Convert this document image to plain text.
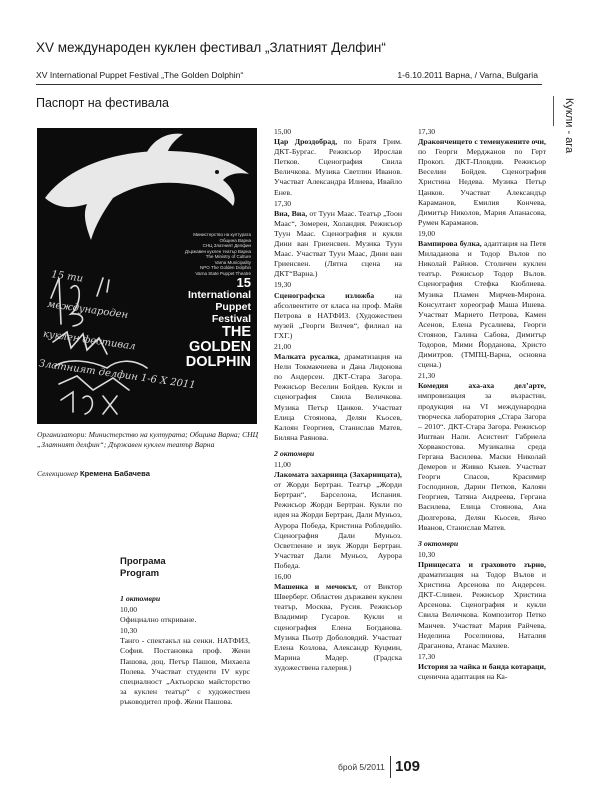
XV международен куклен фестивал „Златният Делфин“
XV International Puppet Festival „The Golden Dolphin“	1-6.10.2011 Варна, / Varna, Bulgaria
Паспорт на фестивала	Кукли - ara
15 тимеждународенкуклен фестивалЗлатният делфин 1-6 X 2011
Министерство на културата
Община Варна
СНЦ Златният Делфин
Държавен куклен театър Варна
The Ministry of Culture
Varna Municipality
NPO The Golden Dolphin
Varna State Puppet Theatre
15
International
Puppet
Festival
THE
GOLDEN
DOLPHIN
Организатори: Министерство на културата; Община Варна; СНЦ „Златният делфин“; Държавен куклен театър Варна
Селекционер Кремена Бабачева
Програма
Program
1 октомври
10,00
Официално откриване.
10,30
Танго - спектакъл на сенки. НАТФИЗ, София. Постановка проф. Жени Пашова, доц. Петър Пашов, Михаела Полева. Участват студенти IV курс специалност „Актьорско майсторство за куклен театър“ с художествен ръководител проф. Жени Пашова.
15,00
Цар Дроздобрад, по Братя Грим. ДКТ-Бургас. Режисьор Ирослав Петков. Сценография Свила Величкова. Музика Светлин Иванов. Участват Александра Илиева, Ивайло Енев.
17,30
Виа, Виа, от Туун Маас. Театър „Тоон Маас“, Зомерен, Холандия. Режисьор Туун Маас. Сценография и кукли Дини ван Гриенсвен. Музика Туун Маас. Участват Туун Маас, Дини ван Гриенсвен. (Лятна сцена на ДКТ“Варна.)
19,30
Сценографска изложба на абсолвентите от класа на проф. Майя Петрова в НАТФИЗ. (Художествен музей „Георги Велчев“, филиал на ГХГ.)
21,00
Малката русалка, драматизация на Нели Токмакчиева и Дана Лидонова по Андерсен. ДКТ-Стара Загора. Режисьор Веселин Бойдев. Кукли и сценография Свила Величкова. Музика Петър Цанков. Участват Елица Стоянова, Делян Къосев, Калоян Георгиев, Станислав Матев, Биляна Раянова.
2 октомври
11,00
Лакомата захарница (Захарницата), от Жорди Бертран. Театър „Жорди Бертран“, Барселона, Испания. Режисьор Жорди Бертран. Кукли по идея на Жорди Бертран, Дали Муньоз, Аурора Победа, Кристина Робледийо. Сценография Дали Муньоз. Осветление и звук Жорди Бертран. Участват Дали Муньоз, Аурора Победа.
16,00
Машенка и мечокът, от Виктор Шверберг. Областен държавен куклен театър, Москва, Русия. Режисьор Владимир Гусаров. Кукли и сценография Елена Богданова. Музика Пьотр Доболовдий. Участват Елена Козлова, Александр Куцмин, Марина Мадер. (Градска художествена галерия.)
17,30
Драконченцето с теменужените очи, по Георги Мерджанов по Герт Прокоп. ДКТ-Пловдив. Режисьор Веселин Бойдев. Сценография Христина Недева. Музика Петър Цанков. Участват Александър Караманов, Емилия Кончева, Димитър Николов, Мария Апанасова, Румен Караманов.
19,00
Вампирова булка, адаптация на Петя Миладанова и Тодор Вълов по Николай Райнов. Столичен куклен театър. Режисьор Тодор Вълов. Сценография Стефка Кюблиева. Музика Пламен Мирчев-Мирона. Консултант хореограф Маша Ишева. Участват Марието Петрова, Камен Асенов, Елена Русалиева, Георги Стоянов, Галина Сабова, Димитър Тодоров, Мими Йорданова, Христо Димитров. (ТМПЦ-Варна, основна сцена.)
21,30
Комедия аха-аха дел’арте, импровизация за възрастни, продукция на VI международна творческа лаборатория „Стара Загора – 2010“. ДКТ-Стара Загора. Режисьор Иштван Нали. Асистент Габриела Хорвакостова. Музикална среда Гергана Василева. Маски Николай Демеров и Живко Кънев. Участват Георги Спасов, Красимир Господинов, Дарин Петков, Калоян Георгиев, Татяна Андреева, Гергана Василева, Елица Стоянова, Ана Дюлгерова, Делян Кьосев, Янчо Иванов, Станислав Матев.
3 октомври
10,30
Принцесата и граховото зърно, драматизация на Тодор Вълов и Христина Арсенова по Андерсен. ДКТ-Сливен. Режисьор Христина Арсенова. Сценография и кукли Свила Величкова. Композитор Петко Манчев. Участват Мария Райчева, Неделина Роселинова, Наталия Драганова, Атанас Махиев.
17,30
История за чайка и банда котараци, сценична адаптация на Ка-
брой 5/2011 109
